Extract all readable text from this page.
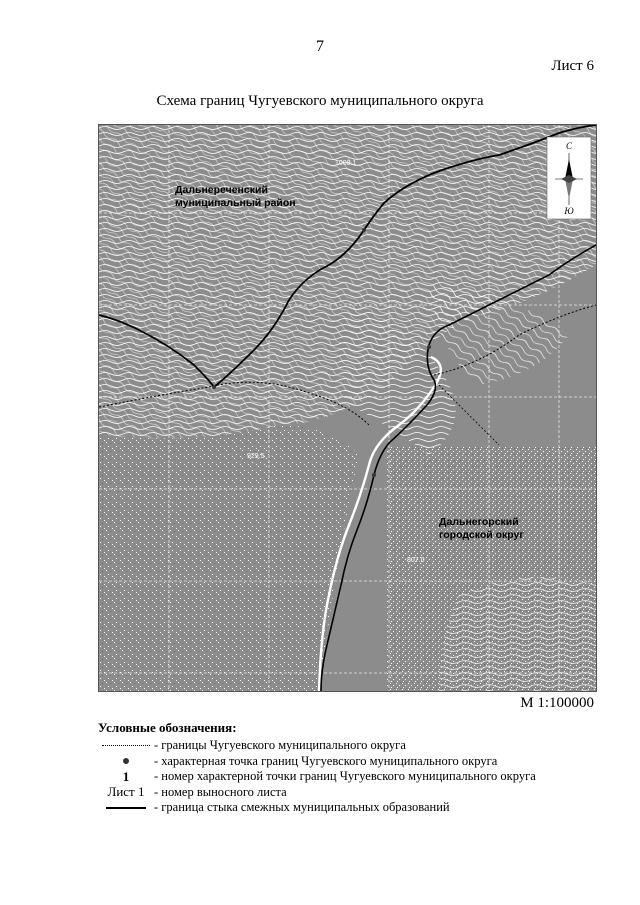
7
Лист 6
Схема границ Чугуевского муниципального округа
С
Ю
Дальнереченский муниципальный район
Дальнегорский городской округ
807.0
1008.1
929.5
М 1:100000
Условные обозначения:
- границы Чугуевского муниципального округа
- характерная точка границ Чугуевского муниципального округа
1 - номер характерной точки границ Чугуевского муниципального округа
Лист 1 - номер выносного листа
- граница стыка смежных муниципальных образований
